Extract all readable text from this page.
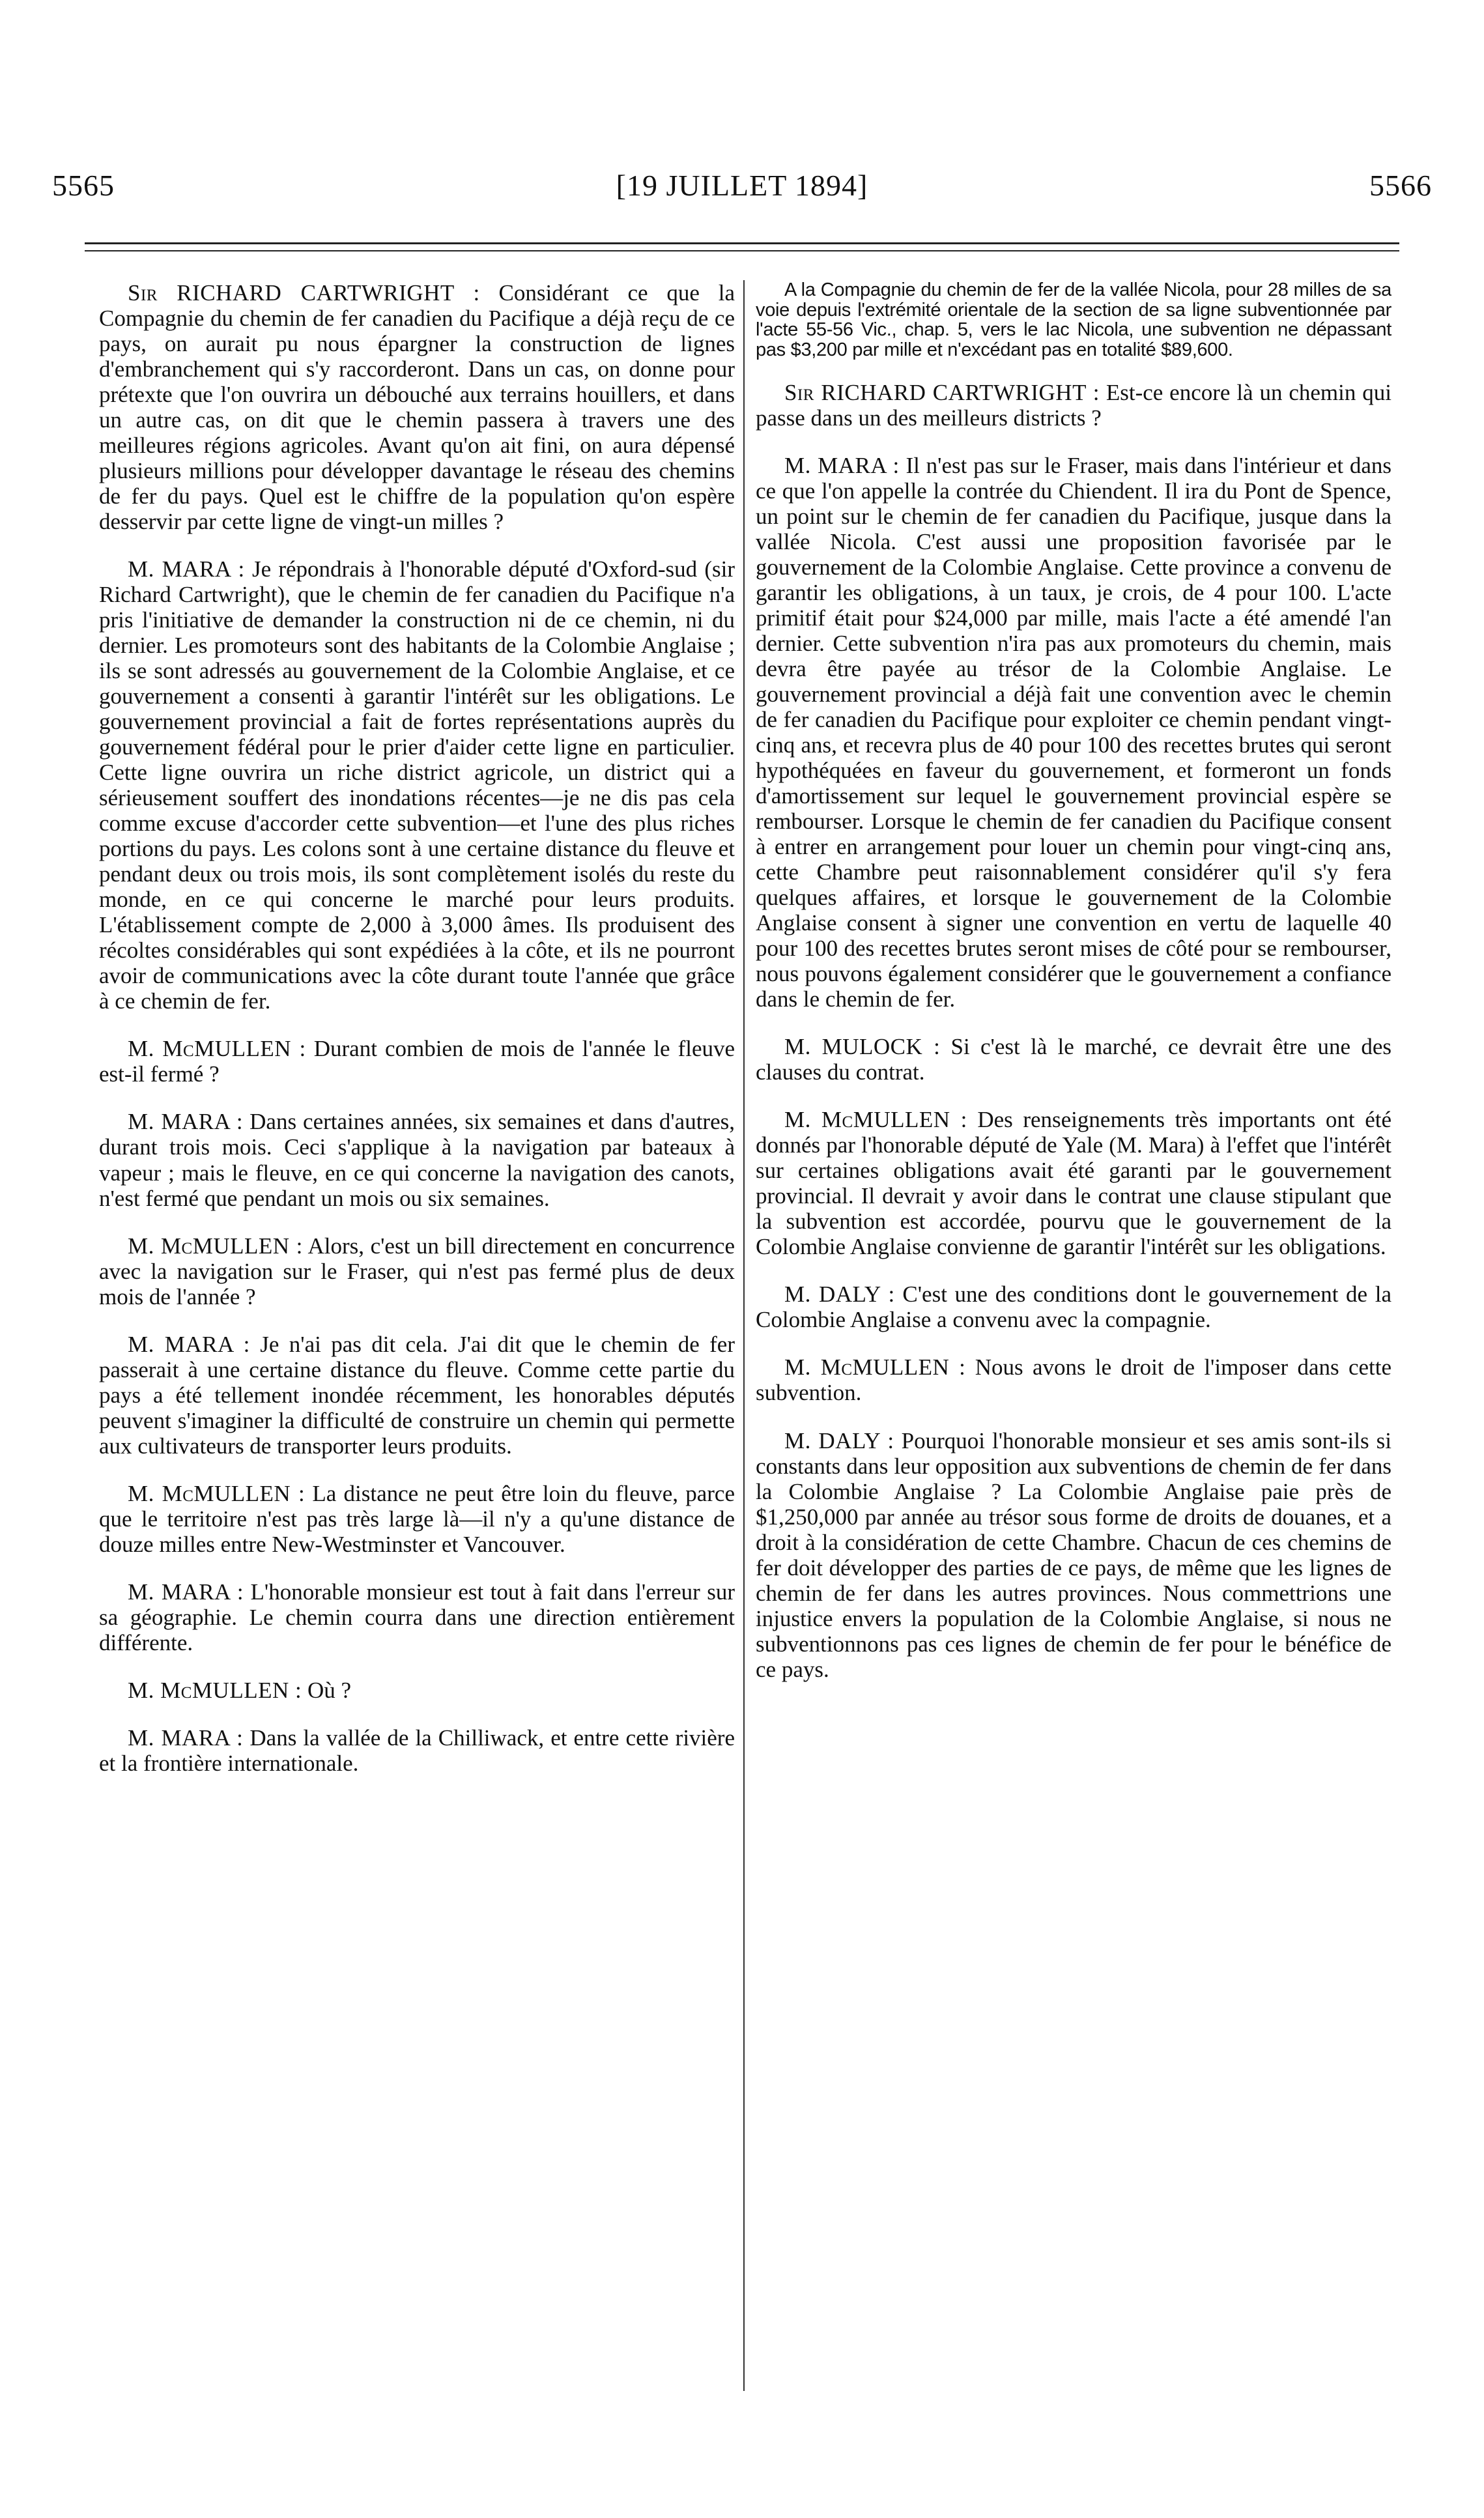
5565	[19 JUILLET 1894]	5566

Sir RICHARD CARTWRIGHT : Considérant ce que la Compagnie du chemin de fer canadien du Pacifique a déjà reçu de ce pays, on aurait pu nous épargner la construction de lignes d'embranchement qui s'y raccorderont. Dans un cas, on donne pour prétexte que l'on ouvrira un débouché aux terrains houillers, et dans un autre cas, on dit que le chemin passera à travers une des meilleures régions agricoles. Avant qu'on ait fini, on aura dépensé plusieurs millions pour développer davantage le réseau des chemins de fer du pays. Quel est le chiffre de la population qu'on espère desservir par cette ligne de vingt-un milles ?

M. MARA : Je répondrais à l'honorable député d'Oxford-sud (sir Richard Cartwright), que le chemin de fer canadien du Pacifique n'a pris l'initiative de demander la construction ni de ce chemin, ni du dernier. Les promoteurs sont des habitants de la Colombie Anglaise ; ils se sont adressés au gouvernement de la Colombie Anglaise, et ce gouvernement a consenti à garantir l'intérêt sur les obligations. Le gouvernement provincial a fait de fortes représentations auprès du gouvernement fédéral pour le prier d'aider cette ligne en particulier. Cette ligne ouvrira un riche district agricole, un district qui a sérieusement souffert des inondations récentes—je ne dis pas cela comme excuse d'accorder cette subvention—et l'une des plus riches portions du pays. Les colons sont à une certaine distance du fleuve et pendant deux ou trois mois, ils sont complètement isolés du reste du monde, en ce qui concerne le marché pour leurs produits. L'établissement compte de 2,000 à 3,000 âmes. Ils produisent des récoltes considérables qui sont expédiées à la côte, et ils ne pourront avoir de communications avec la côte durant toute l'année que grâce à ce chemin de fer.

M. McMULLEN : Durant combien de mois de l'année le fleuve est-il fermé ?

M. MARA : Dans certaines années, six semaines et dans d'autres, durant trois mois. Ceci s'applique à la navigation par bateaux à vapeur ; mais le fleuve, en ce qui concerne la navigation des canots, n'est fermé que pendant un mois ou six semaines.

M. McMULLEN : Alors, c'est un bill directement en concurrence avec la navigation sur le Fraser, qui n'est pas fermé plus de deux mois de l'année ?

M. MARA : Je n'ai pas dit cela. J'ai dit que le chemin de fer passerait à une certaine distance du fleuve. Comme cette partie du pays a été tellement inondée récemment, les honorables députés peuvent s'imaginer la difficulté de construire un chemin qui permette aux cultivateurs de transporter leurs produits.

M. McMULLEN : La distance ne peut être loin du fleuve, parce que le territoire n'est pas très large là—il n'y a qu'une distance de douze milles entre New-Westminster et Vancouver.

M. MARA : L'honorable monsieur est tout à fait dans l'erreur sur sa géographie. Le chemin courra dans une direction entièrement différente.

M. McMULLEN : Où ?

M. MARA : Dans la vallée de la Chilliwack, et entre cette rivière et la frontière internationale.

A la Compagnie du chemin de fer de la vallée Nicola, pour 28 milles de sa voie depuis l'extrémité orientale de la section de sa ligne subventionnée par l'acte 55-56 Vic., chap. 5, vers le lac Nicola, une subvention ne dépassant pas $3,200 par mille et n'excédant pas en totalité $89,600.

Sir RICHARD CARTWRIGHT : Est-ce encore là un chemin qui passe dans un des meilleurs districts ?

M. MARA : Il n'est pas sur le Fraser, mais dans l'intérieur et dans ce que l'on appelle la contrée du Chiendent. Il ira du Pont de Spence, un point sur le chemin de fer canadien du Pacifique, jusque dans la vallée Nicola. C'est aussi une proposition favorisée par le gouvernement de la Colombie Anglaise. Cette province a convenu de garantir les obligations, à un taux, je crois, de 4 pour 100. L'acte primitif était pour $24,000 par mille, mais l'acte a été amendé l'an dernier. Cette subvention n'ira pas aux promoteurs du chemin, mais devra être payée au trésor de la Colombie Anglaise. Le gouvernement provincial a déjà fait une convention avec le chemin de fer canadien du Pacifique pour exploiter ce chemin pendant vingt-cinq ans, et recevra plus de 40 pour 100 des recettes brutes qui seront hypothéquées en faveur du gouvernement, et formeront un fonds d'amortissement sur lequel le gouvernement provincial espère se rembourser. Lorsque le chemin de fer canadien du Pacifique consent à entrer en arrangement pour louer un chemin pour vingt-cinq ans, cette Chambre peut raisonnablement considérer qu'il s'y fera quelques affaires, et lorsque le gouvernement de la Colombie Anglaise consent à signer une convention en vertu de laquelle 40 pour 100 des recettes brutes seront mises de côté pour se rembourser, nous pouvons également considérer que le gouvernement a confiance dans le chemin de fer.

M. MULOCK : Si c'est là le marché, ce devrait être une des clauses du contrat.

M. McMULLEN : Des renseignements très importants ont été donnés par l'honorable député de Yale (M. Mara) à l'effet que l'intérêt sur certaines obligations avait été garanti par le gouvernement provincial. Il devrait y avoir dans le contrat une clause stipulant que la subvention est accordée, pourvu que le gouvernement de la Colombie Anglaise convienne de garantir l'intérêt sur les obligations.

M. DALY : C'est une des conditions dont le gouvernement de la Colombie Anglaise a convenu avec la compagnie.

M. McMULLEN : Nous avons le droit de l'imposer dans cette subvention.

M. DALY : Pourquoi l'honorable monsieur et ses amis sont-ils si constants dans leur opposition aux subventions de chemin de fer dans la Colombie Anglaise ? La Colombie Anglaise paie près de $1,250,000 par année au trésor sous forme de droits de douanes, et a droit à la considération de cette Chambre. Chacun de ces chemins de fer doit développer des parties de ce pays, de même que les lignes de chemin de fer dans les autres provinces. Nous commettrions une injustice envers la population de la Colombie Anglaise, si nous ne subventionnons pas ces lignes de chemin de fer pour le bénéfice de ce pays.
